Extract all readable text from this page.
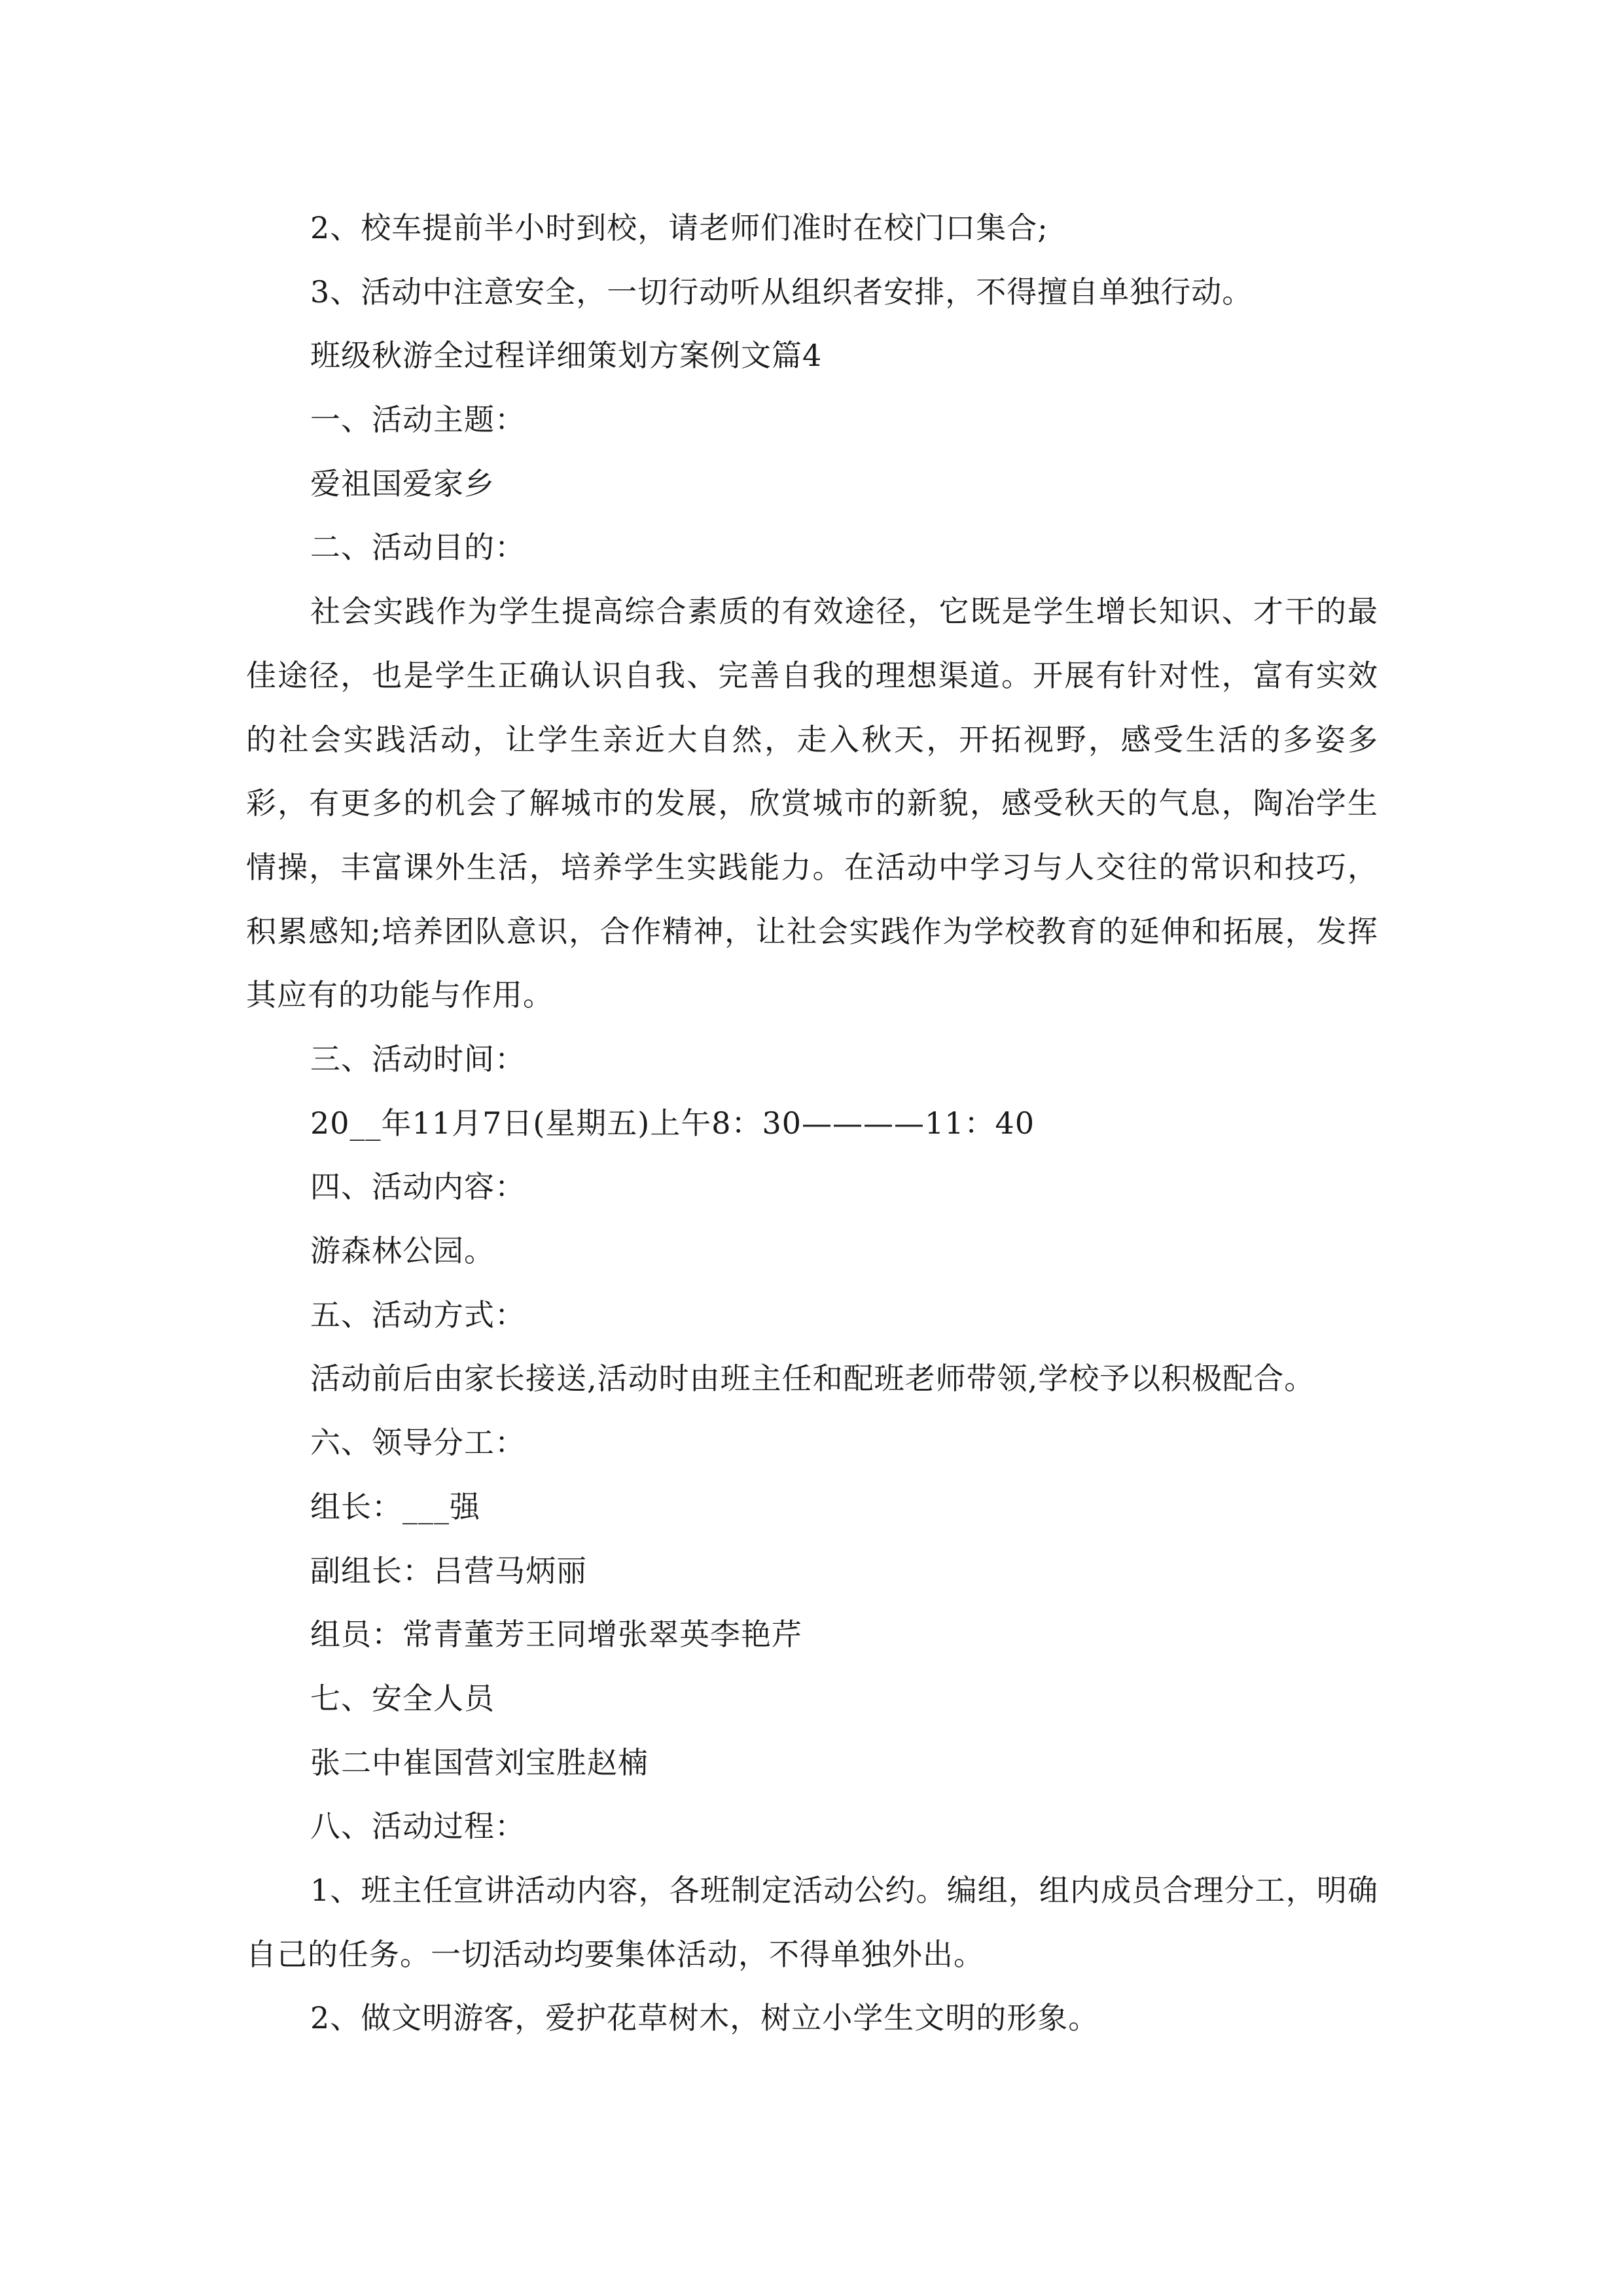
2、校车提前半小时到校，请老师们准时在校门口集合;
3、活动中注意安全，一切行动听从组织者安排，不得擅自单独行动。
班级秋游全过程详细策划方案例文篇4
一、活动主题：
爱祖国爱家乡
二、活动目的：

社会实践作为学生提高综合素质的有效途径，它既是学生增长知识、才干的最佳途径，也是学生正确认识自我、完善自我的理想渠道。开展有针对性，富有实效的社会实践活动，让学生亲近大自然，走入秋天，开拓视野，感受生活的多姿多彩，有更多的机会了解城市的发展，欣赏城市的新貌，感受秋天的气息，陶冶学生情操，丰富课外生活，培养学生实践能力。在活动中学习与人交往的常识和技巧，积累感知;培养团队意识，合作精神，让社会实践作为学校教育的延伸和拓展，发挥其应有的功能与作用。

三、活动时间：
20__年11月7日(星期五)上午8：30————11：40
四、活动内容：
游森林公园。
五、活动方式：
活动前后由家长接送,活动时由班主任和配班老师带领,学校予以积极配合。
六、领导分工：
组长：___强
副组长：吕营马炳丽
组员：常青董芳王同增张翠英李艳芹
七、安全人员
张二中崔国营刘宝胜赵楠
八、活动过程：

1、班主任宣讲活动内容，各班制定活动公约。编组，组内成员合理分工，明确自己的任务。一切活动均要集体活动，不得单独外出。

2、做文明游客，爱护花草树木，树立小学生文明的形象。
